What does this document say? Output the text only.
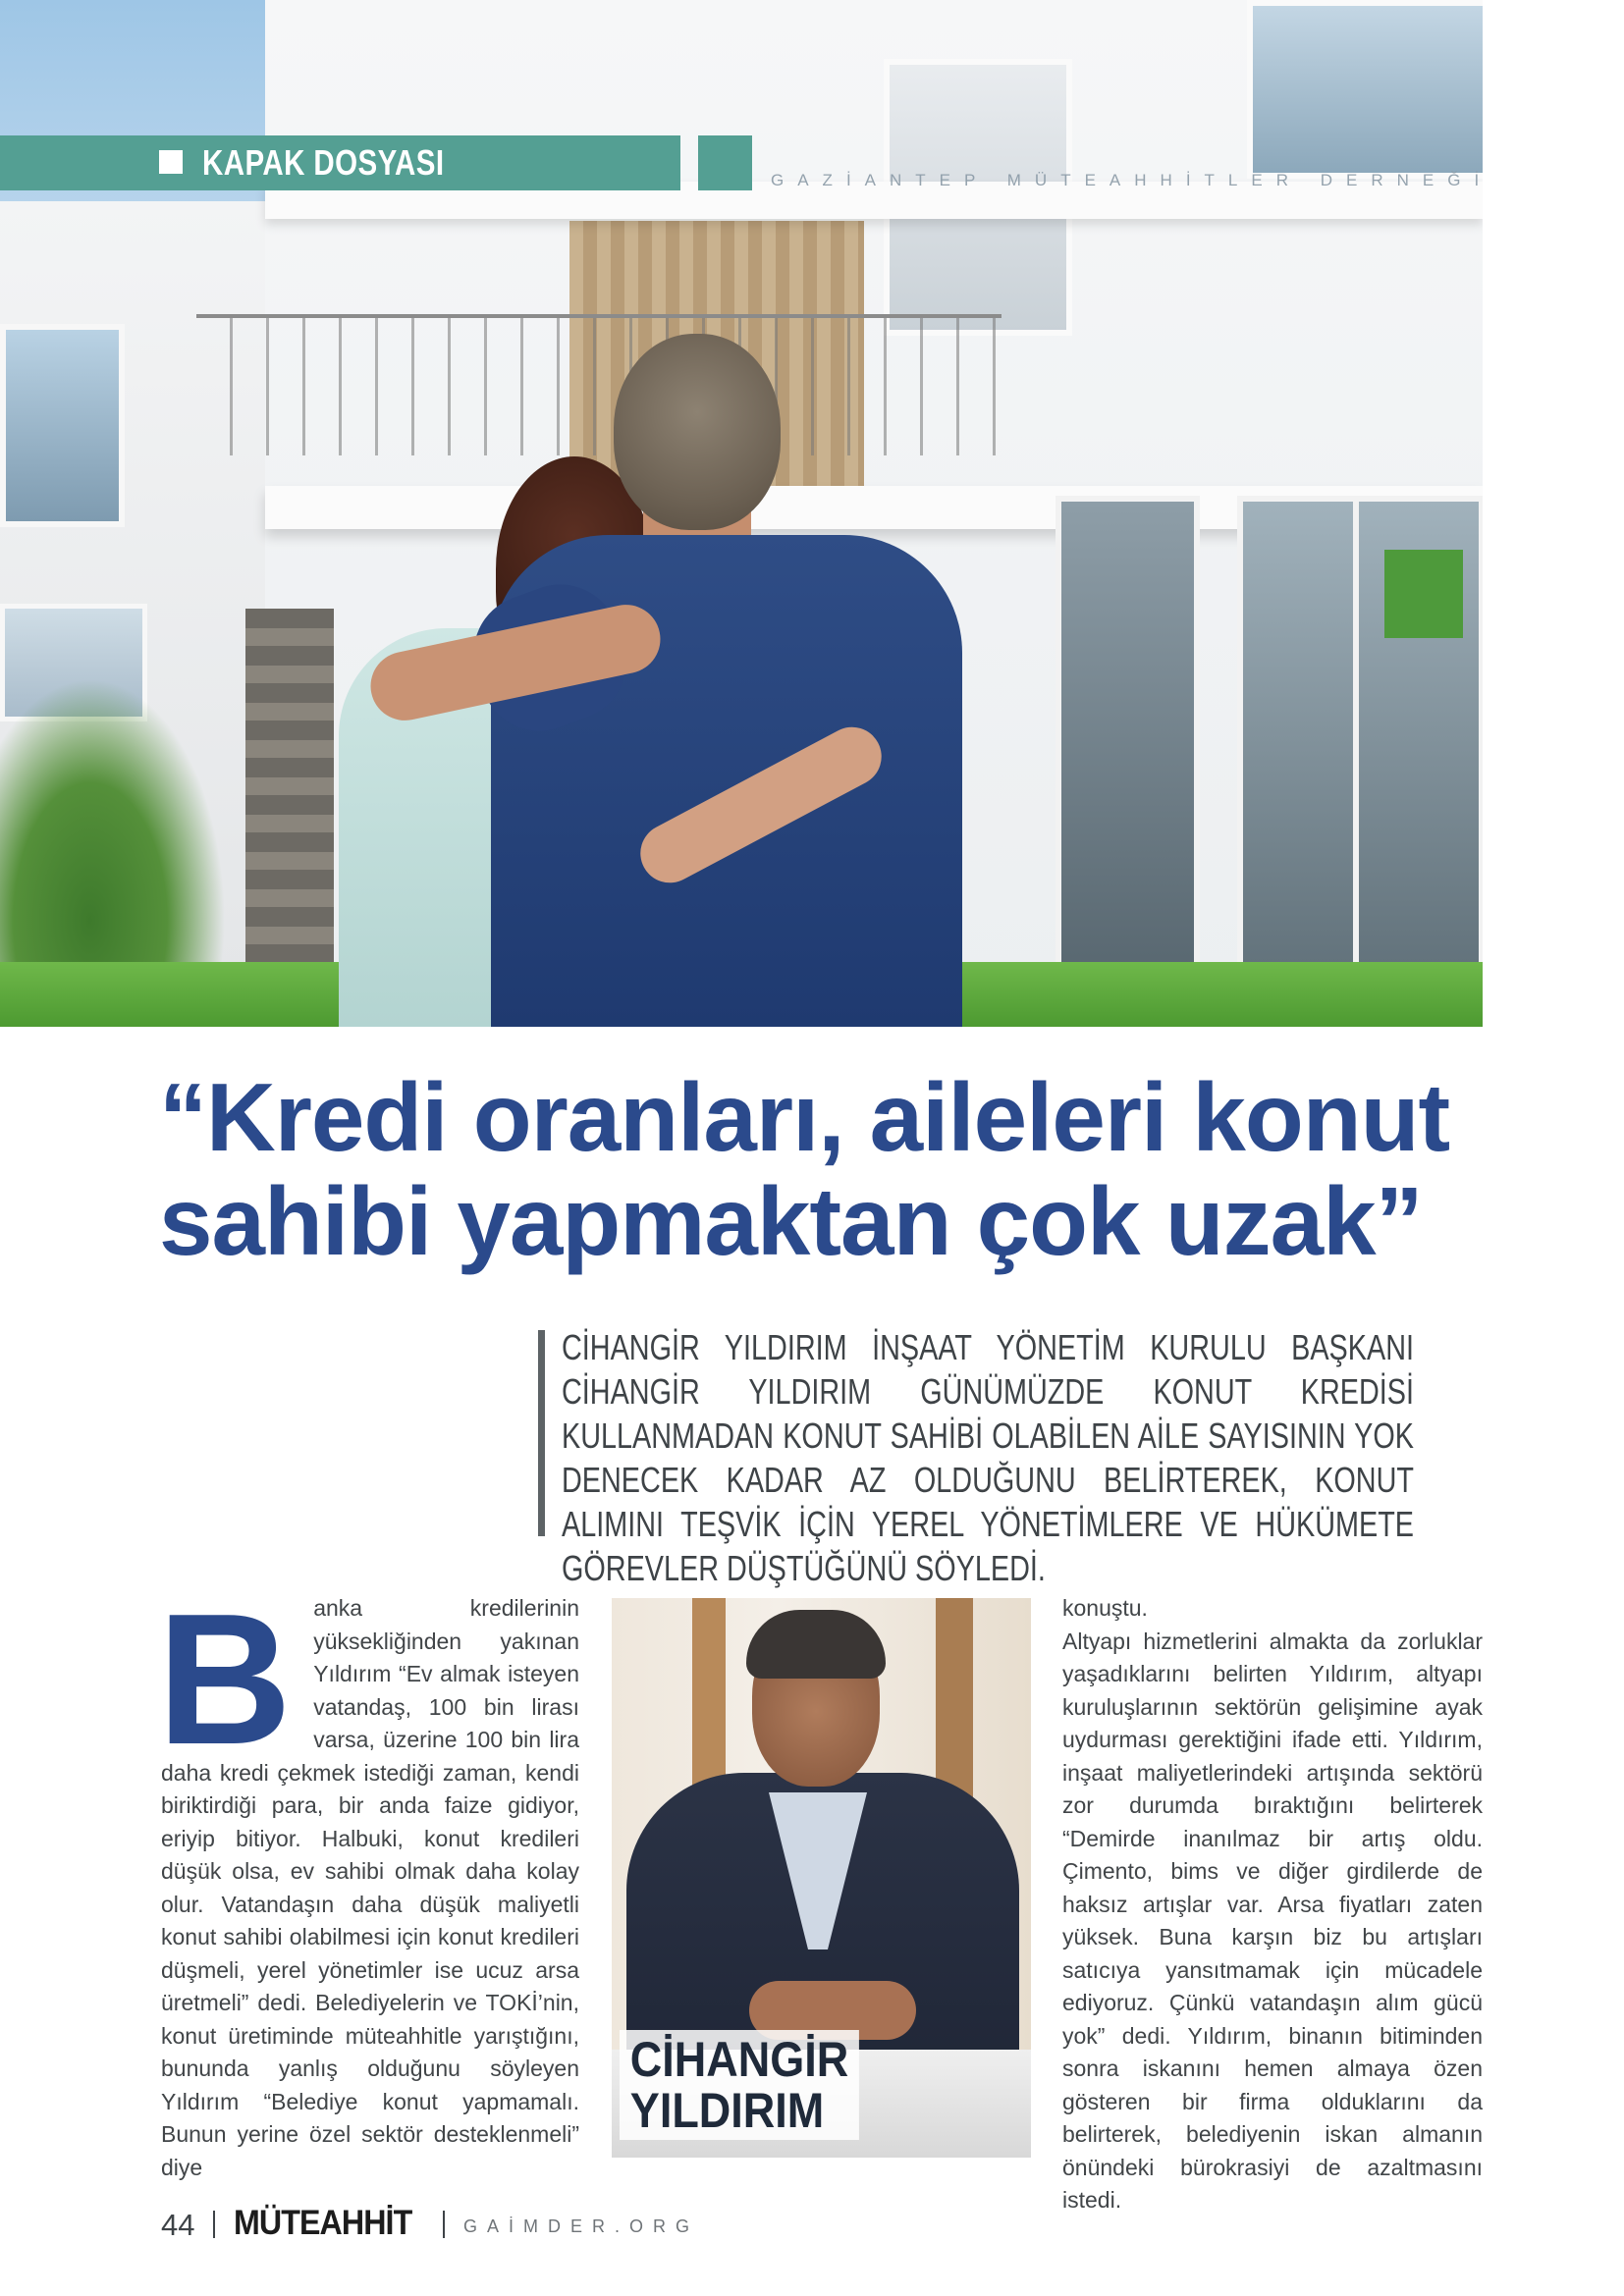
KAPAK DOSYASI	GAZİANTEP MÜTEAHHİTLER DERNEĞİ
“Kredi oranları, aileleri konut sahibi yapmaktan çok uzak”

CİHANGİR YILDIRIM İNŞAAT YÖNETİM KURULU BAŞKANI CİHANGİR YILDIRIM GÜNÜMÜZDE KONUT KREDİSİ KULLANMADAN KONUT SAHİBİ OLABİLEN AİLE SAYISININ YOK DENECEK KADAR AZ OLDUĞUNU BELİRTEREK, KONUT ALIMINI TEŞVİK İÇİN YEREL YÖNETİMLERE VE HÜKÜMETE GÖREVLER DÜŞTÜĞÜNÜ SÖYLEDİ.

B anka kredilerinin yüksekliğinden yakınan Yıldırım “Ev almak isteyen vatandaş, 100 bin lirası varsa, üzerine 100 bin lira daha kredi çekmek istediği zaman, kendi biriktirdiği para, bir anda faize gidiyor, eriyip bitiyor. Halbuki, konut kredileri düşük olsa, ev sahibi olmak daha kolay olur. Vatandaşın daha düşük maliyetli konut sahibi olabilmesi için konut kredileri düşmeli, yerel yönetimler ise ucuz arsa üretmeli” dedi. Belediyelerin ve TOKİ’nin, konut üretiminde müteahhitle yarıştığını, bununda yanlış olduğunu söyleyen Yıldırım “Belediye konut yapmamalı. Bunun yerine özel sektör desteklenmeli” diye
CİHANGİR
YILDIRIM

konuştu.

Altyapı hizmetlerini almakta da zorluklar yaşadıklarını belirten Yıldırım, altyapı kuruluşlarının sektörün gelişimine ayak uydurması gerektiğini ifade etti. Yıldırım, inşaat maliyetlerindeki artışında sektörü zor durumda bıraktığını belirterek “Demirde inanılmaz bir artış oldu. Çimento, bims ve diğer girdilerde de haksız artışlar var. Arsa fiyatları zaten yüksek. Buna karşın biz bu artışları satıcıya yansıtmamak için mücadele ediyoruz. Çünkü vatandaşın alım gücü yok” dedi. Yıldırım, binanın bitiminden sonra iskanını hemen almaya özen gösteren bir firma olduklarını da belirterek, belediyenin iskan almanın önündeki bürokrasiyi de azaltmasını istedi.

44 MÜTEAHHİT	GAİMDER.ORG
